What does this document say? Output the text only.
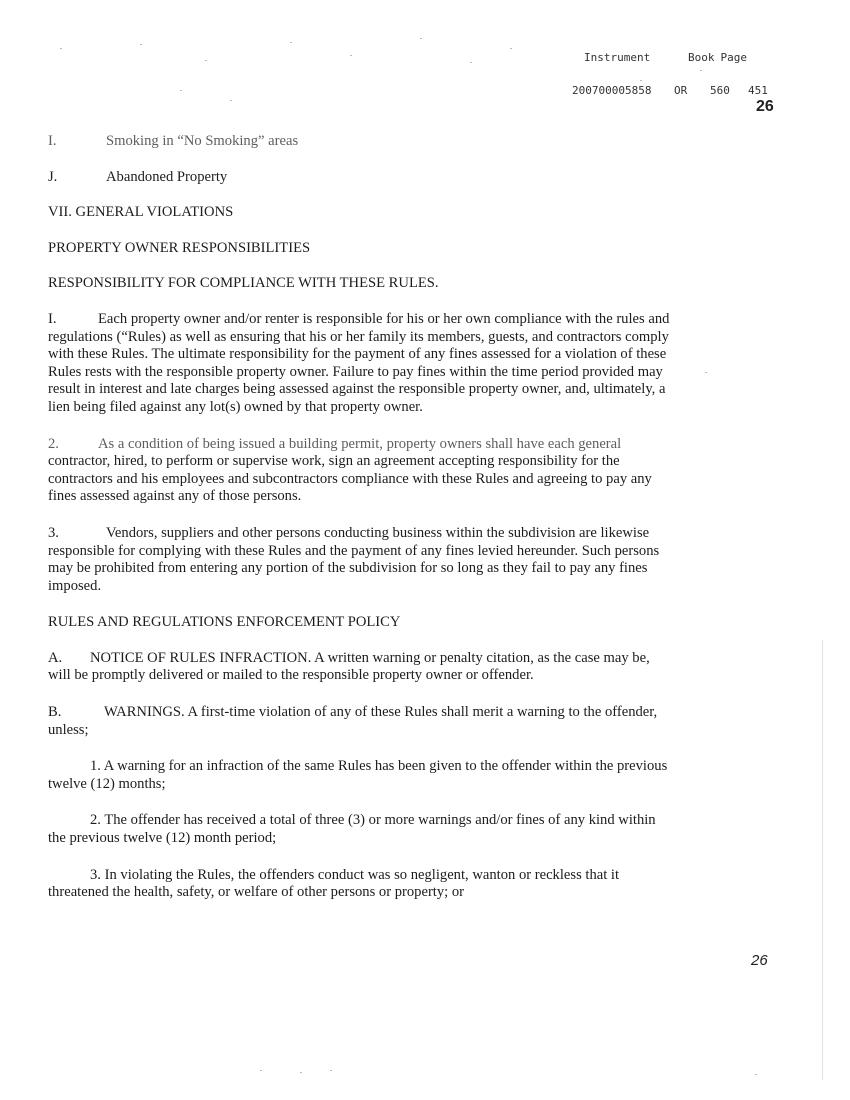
Instrument	Book Page

200700005858	OR	560	451

26
I.	Smoking in “No Smoking” areas
J.	Abandoned Property
VII. GENERAL VIOLATIONS
PROPERTY OWNER RESPONSIBILITIES
RESPONSIBILITY FOR COMPLIANCE WITH THESE RULES.
I.	Each property owner and/or renter is responsible for his or her own compliance with the rules and regulations (“Rules) as well as ensuring that his or her family its members, guests, and contractors comply with these Rules. The ultimate responsibility for the payment of any fines assessed for a violation of these Rules rests with the responsible property owner. Failure to pay fines within the time period provided may result in interest and late charges being assessed against the responsible property owner, and, ultimately, a lien being filed against any lot(s) owned by that property owner.
2.	As a condition of being issued a building permit, property owners shall have each general contractor, hired, to perform or supervise work, sign an agreement accepting responsibility for the contractors and his employees and subcontractors compliance with these Rules and agreeing to pay any fines assessed against any of those persons.
3.	Vendors, suppliers and other persons conducting business within the subdivision are likewise responsible for complying with these Rules and the payment of any fines levied hereunder. Such persons may be prohibited from entering any portion of the subdivision for so long as they fail to pay any fines imposed.
RULES AND REGULATIONS ENFORCEMENT POLICY
A. NOTICE OF RULES INFRACTION. A written warning or penalty citation, as the case may be, will be promptly delivered or mailed to the responsible property owner or offender.
B.	WARNINGS. A first-time violation of any of these Rules shall merit a warning to the offender, unless;
1. A warning for an infraction of the same Rules has been given to the offender within the previous twelve (12) months;
2. The offender has received a total of three (3) or more warnings and/or fines of any kind within the previous twelve (12) month period;
3. In violating the Rules, the offenders conduct was so negligent, wanton or reckless that it threatened the health, safety, or welfare of other persons or property; or
26
